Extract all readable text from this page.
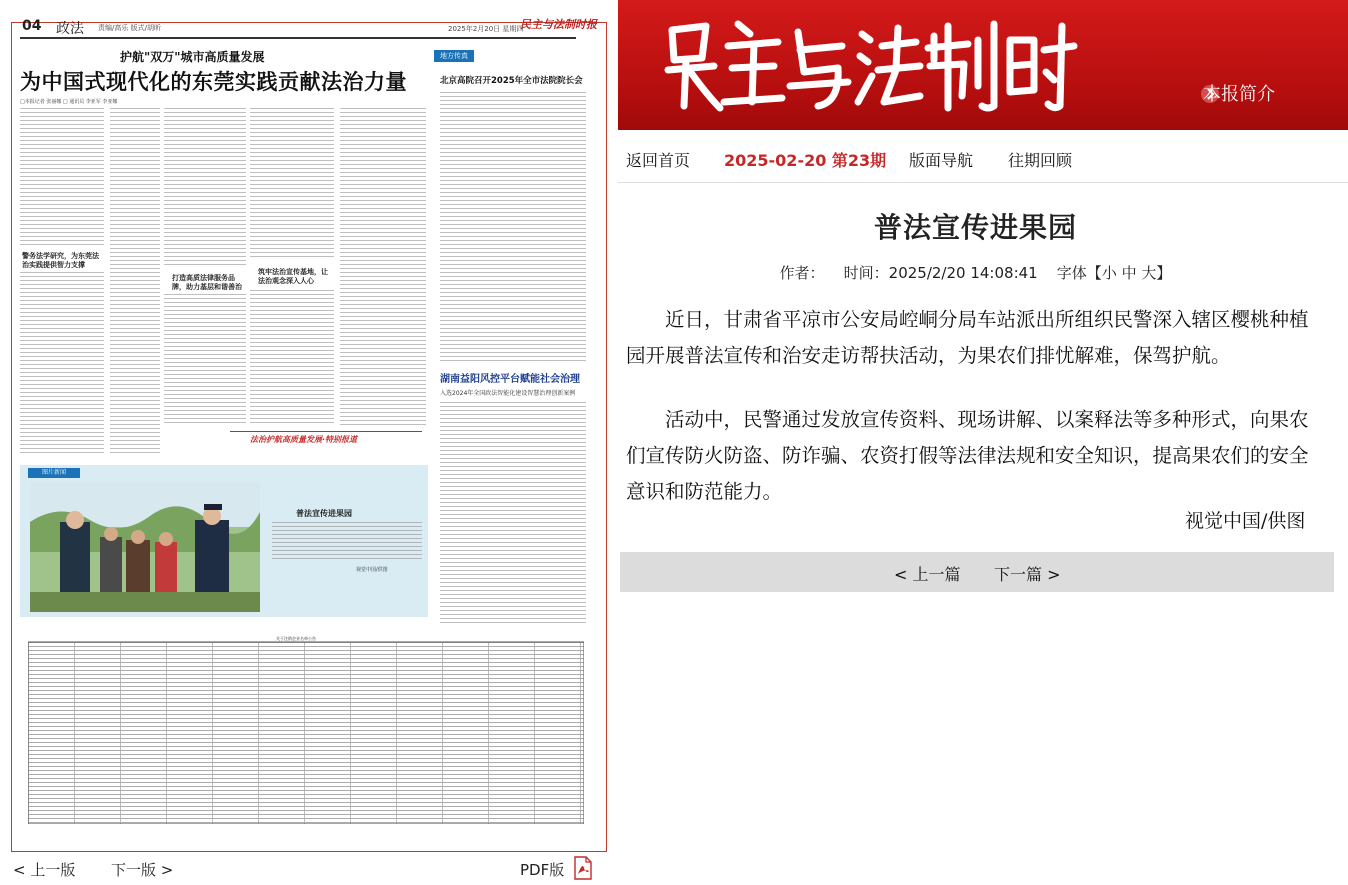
04 政法 责编/高乐 版式/胡昕	2025年2月20日 星期四
民主与法制时报
护航"双万"城市高质量发展
为中国式现代化的东莞实践贡献法治力量
□本报记者 张丽娜 □ 通讯员 李亚军 李亚娜
警务法学研究，为东莞法治实践提供智力支撑
打造高质法律服务品牌，助力基层和谐善治
筑牢法治宣传基地，让法治观念深入人心
地方传真
北京高院召开2025年全市法院院长会
湖南益阳风控平台赋能社会治理
入选2024年全国政法智能化建设智慧治理创新案例
法治护航高质量发展·特别报道
图片新闻
普法宣传进果园
视觉中国/供图
关于注销企业名单公告
< 上一版 下一版 >	PDF版
本报简介
返回首页 2025-02-20 第23期 版面导航 往期回顾
普法宣传进果园
作者： 时间：2025/2/20 14:08:41 字体【小 中 大】

近日，甘肃省平凉市公安局崆峒分局车站派出所组织民警深入辖区樱桃种植园开展普法宣传和治安走访帮扶活动，为果农们排忧解难，保驾护航。

活动中，民警通过发放宣传资料、现场讲解、以案释法等多种形式，向果农们宣传防火防盗、防诈骗、农资打假等法律法规和安全知识，提高果农们的安全意识和防范能力。

视觉中国/供图
< 上一篇 下一篇 >
